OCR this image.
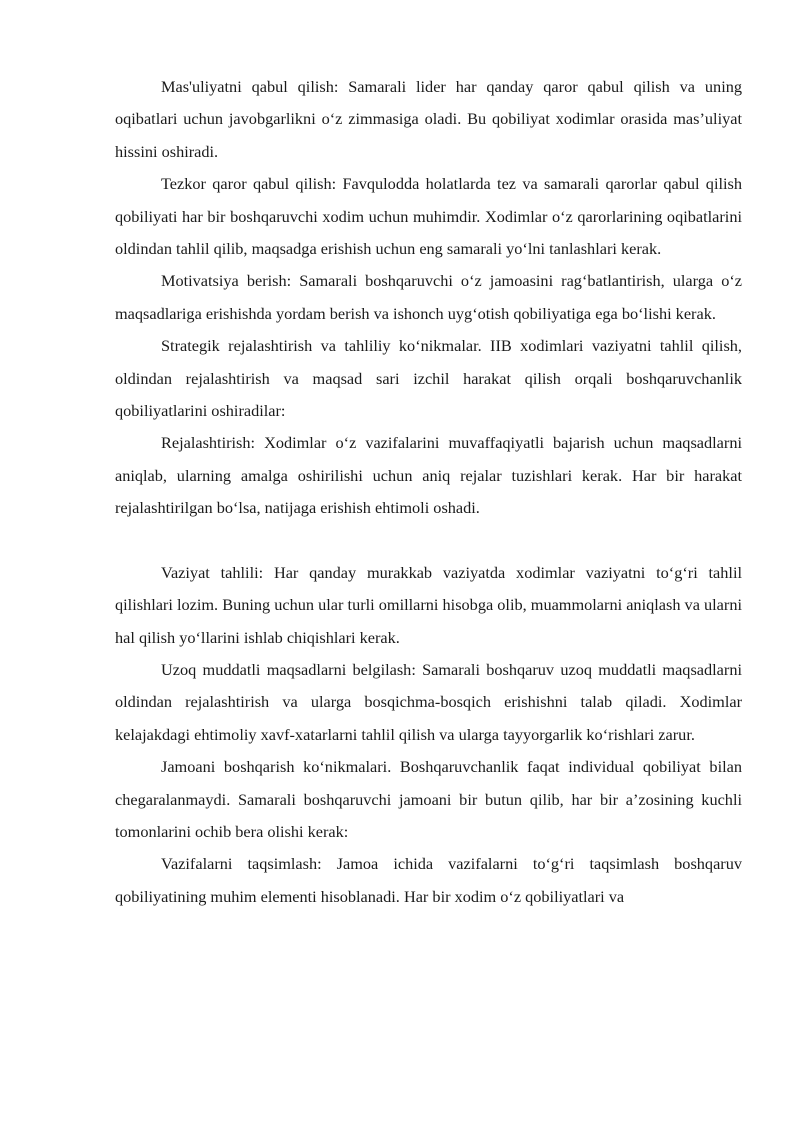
Mas'uliyatni qabul qilish: Samarali lider har qanday qaror qabul qilish va uning oqibatlari uchun javobgarlikni oʻz zimmasiga oladi. Bu qobiliyat xodimlar orasida masʼuliyat hissini oshiradi.

Tezkor qaror qabul qilish: Favqulodda holatlarda tez va samarali qarorlar qabul qilish qobiliyati har bir boshqaruvchi xodim uchun muhimdir. Xodimlar oʻz qarorlarining oqibatlarini oldindan tahlil qilib, maqsadga erishish uchun eng samarali yoʻlni tanlashlari kerak.

Motivatsiya berish: Samarali boshqaruvchi oʻz jamoasini ragʻbatlantirish, ularga oʻz maqsadlariga erishishda yordam berish va ishonch uygʻotish qobiliyatiga ega boʻlishi kerak.

Strategik rejalashtirish va tahliliy koʻnikmalar. IIB xodimlari vaziyatni tahlil qilish, oldindan rejalashtirish va maqsad sari izchil harakat qilish orqali boshqaruvchanlik qobiliyatlarini oshiradilar:

Rejalashtirish: Xodimlar oʻz vazifalarini muvaffaqiyatli bajarish uchun maqsadlarni aniqlab, ularning amalga oshirilishi uchun aniq rejalar tuzishlari kerak. Har bir harakat rejalashtirilgan boʻlsa, natijaga erishish ehtimoli oshadi.

Vaziyat tahlili: Har qanday murakkab vaziyatda xodimlar vaziyatni toʻgʻri tahlil qilishlari lozim. Buning uchun ular turli omillarni hisobga olib, muammolarni aniqlash va ularni hal qilish yoʻllarini ishlab chiqishlari kerak.

Uzoq muddatli maqsadlarni belgilash: Samarali boshqaruv uzoq muddatli maqsadlarni oldindan rejalashtirish va ularga bosqichma-bosqich erishishni talab qiladi. Xodimlar kelajakdagi ehtimoliy xavf-xatarlarni tahlil qilish va ularga tayyorgarlik koʻrishlari zarur.

Jamoani boshqarish koʻnikmalari. Boshqaruvchanlik faqat individual qobiliyat bilan chegaralanmaydi. Samarali boshqaruvchi jamoani bir butun qilib, har bir aʼzosining kuchli tomonlarini ochib bera olishi kerak:

Vazifalarni taqsimlash: Jamoa ichida vazifalarni toʻgʻri taqsimlash boshqaruv qobiliyatining muhim elementi hisoblanadi. Har bir xodim oʻz qobiliyatlari va
